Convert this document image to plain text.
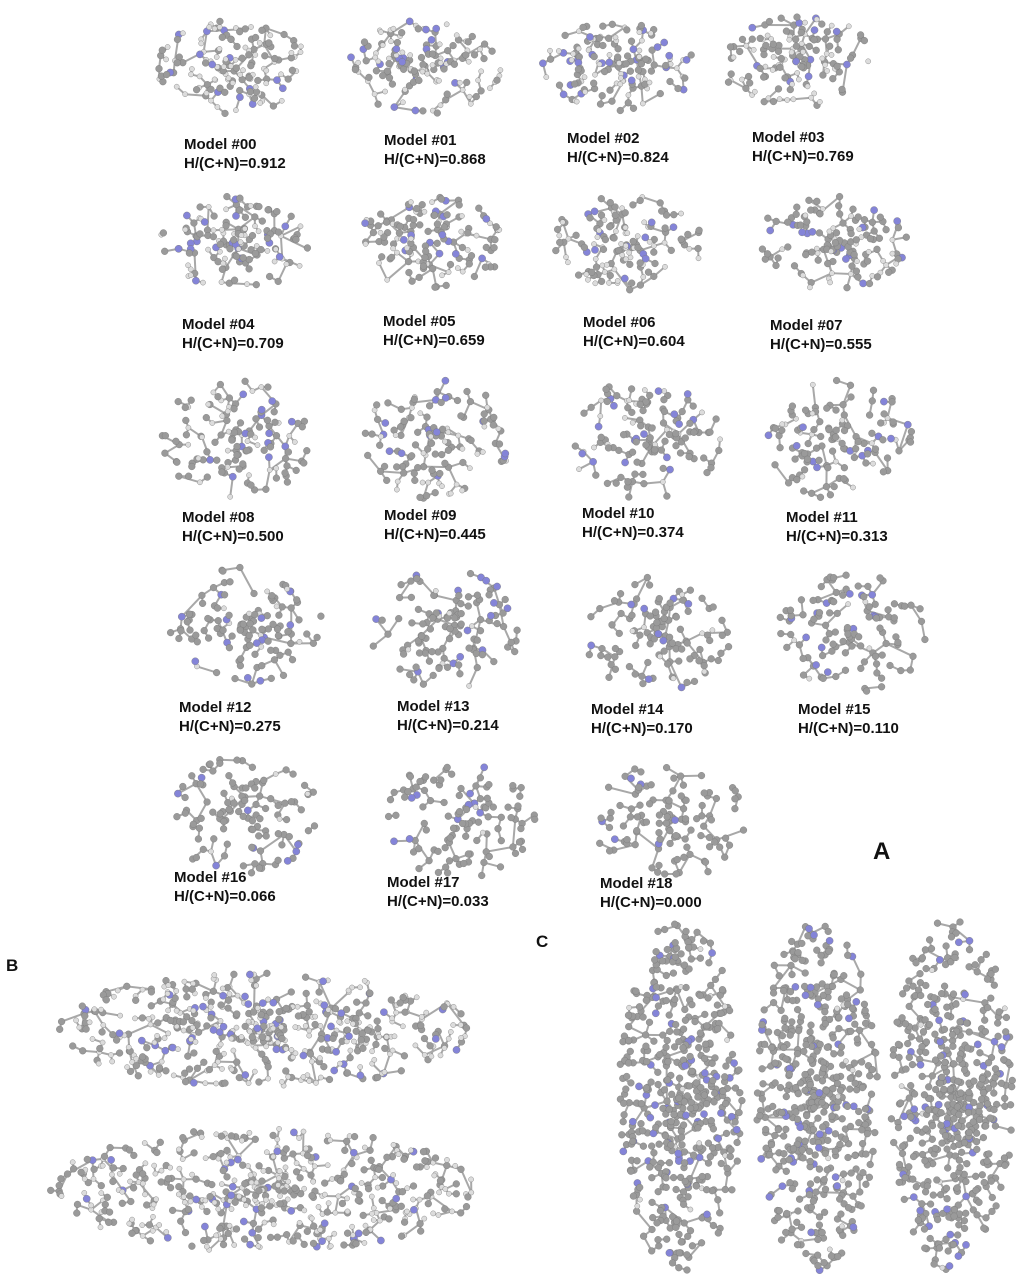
Model #00
H/(C+N)=0.912
Model #01
H/(C+N)=0.868
Model #02
H/(C+N)=0.824
Model #03
H/(C+N)=0.769
Model #04
H/(C+N)=0.709
Model #05
H/(C+N)=0.659
Model #06
H/(C+N)=0.604
Model #07
H/(C+N)=0.555
Model #08
H/(C+N)=0.500
Model #09
H/(C+N)=0.445
Model #10
H/(C+N)=0.374
Model #11
H/(C+N)=0.313
Model #12
H/(C+N)=0.275
Model #13
H/(C+N)=0.214
Model #14
H/(C+N)=0.170
Model #15
H/(C+N)=0.110
Model #16
H/(C+N)=0.066
Model #17
H/(C+N)=0.033
Model #18
H/(C+N)=0.000
A
B
C
